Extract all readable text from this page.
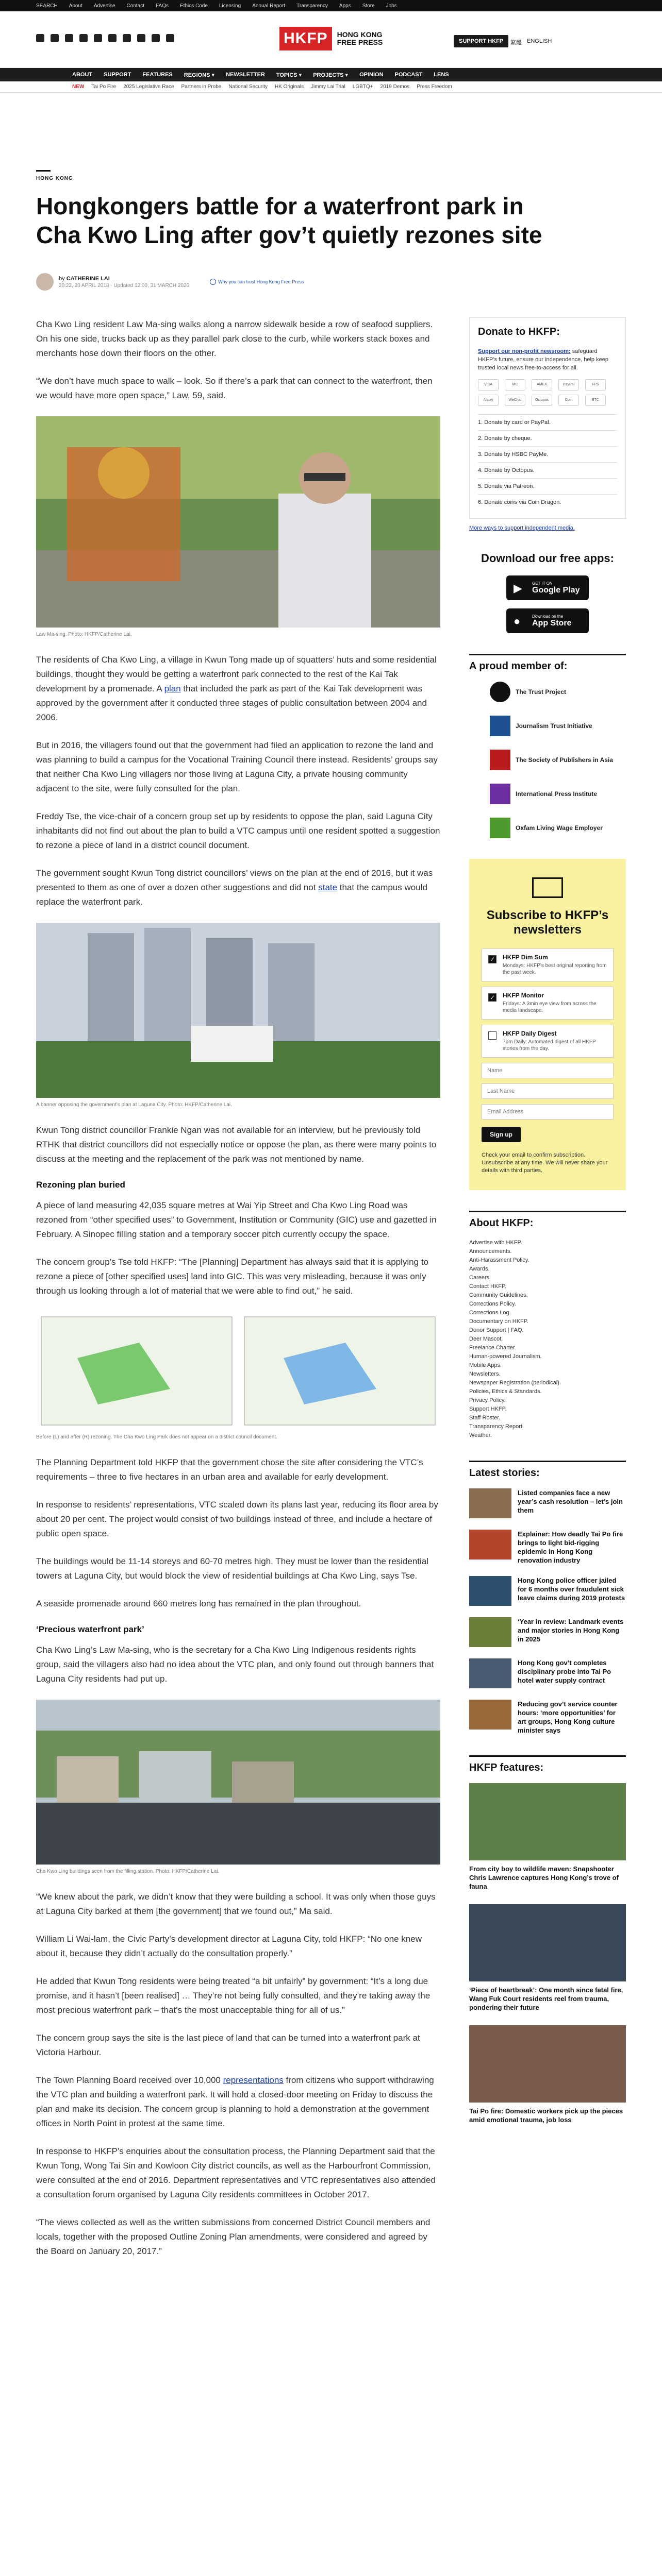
SEARCH About Advertise Contact FAQs Ethics Code Licensing Annual Report Transparency Apps Store Jobs
HKFP	HONG KONG
FREE PRESS	SUPPORT HKFP	繁體 ENGLISH
ABOUT SUPPORT FEATURES REGIONS ▾ NEWSLETTER TOPICS ▾ PROJECTS ▾ OPINION PODCAST LENS
NEW Tai Po Fire 2025 Legislative Race Partners in Probe National Security HK Originals Jimmy Lai Trial LGBTQ+ 2019 Demos Press Freedom
HONG KONG
Hongkongers battle for a waterfront park in Cha Kwo Ling after gov’t quietly rezones site
by CATHERINE LAI
20:22, 20 APRIL 2018 · Updated 12:00, 31 MARCH 2020
Why you can trust Hong Kong Free Press

Cha Kwo Ling resident Law Ma-sing walks along a narrow sidewalk beside a row of seafood suppliers. On his one side, trucks back up as they parallel park close to the curb, while workers stack boxes and merchants hose down their floors on the other.

“We don’t have much space to walk – look. So if there’s a park that can connect to the waterfront, then we would have more open space,” Law, 59, said.

Law Ma-sing. Photo: HKFP/Catherine Lai.

The residents of Cha Kwo Ling, a village in Kwun Tong made up of squatters’ huts and some residential buildings, thought they would be getting a waterfront park connected to the rest of the Kai Tak development by a promenade. A plan that included the park as part of the Kai Tak development was approved by the government after it conducted three stages of public consultation between 2004 and 2006.

But in 2016, the villagers found out that the government had filed an application to rezone the land and was planning to build a campus for the Vocational Training Council there instead. Residents’ groups say that neither Cha Kwo Ling villagers nor those living at Laguna City, a private housing community adjacent to the site, were fully consulted for the plan.

Freddy Tse, the vice-chair of a concern group set up by residents to oppose the plan, said Laguna City inhabitants did not find out about the plan to build a VTC campus until one resident spotted a suggestion to rezone a piece of land in a district council document.

The government sought Kwun Tong district councillors’ views on the plan at the end of 2016, but it was presented to them as one of over a dozen other suggestions and did not state that the campus would replace the waterfront park.

A banner opposing the government’s plan at Laguna City. Photo: HKFP/Catherine Lai.

Kwun Tong district councillor Frankie Ngan was not available for an interview, but he previously told RTHK that district councillors did not especially notice or oppose the plan, as there were many points to discuss at the meeting and the replacement of the park was not mentioned by name.

Rezoning plan buried

A piece of land measuring 42,035 square metres at Wai Yip Street and Cha Kwo Ling Road was rezoned from “other specified uses” to Government, Institution or Community (GIC) use and gazetted in February. A Sinopec filling station and a temporary soccer pitch currently occupy the space.

The concern group’s Tse told HKFP: “The [Planning] Department has always said that it is applying to rezone a piece of [other specified uses] land into GIC. This was very misleading, because it was only through us looking through a lot of material that we were able to find out,” he said.

Before (L) and after (R) rezoning. The Cha Kwo Ling Park does not appear on a district council document.

The Planning Department told HKFP that the government chose the site after considering the VTC’s requirements – three to five hectares in an urban area and available for early development.

In response to residents’ representations, VTC scaled down its plans last year, reducing its floor area by about 20 per cent. The project would consist of two buildings instead of three, and include a hectare of public open space.

The buildings would be 11-14 storeys and 60-70 metres high. They must be lower than the residential towers at Laguna City, but would block the view of residential buildings at Cha Kwo Ling, says Tse.

A seaside promenade around 660 metres long has remained in the plan throughout.

‘Precious waterfront park’

Cha Kwo Ling’s Law Ma-sing, who is the secretary for a Cha Kwo Ling Indigenous residents rights group, said the villagers also had no idea about the VTC plan, and only found out through banners that Laguna City residents had put up.

Cha Kwo Ling buildings seen from the filling station. Photo: HKFP/Catherine Lai.

“We knew about the park, we didn’t know that they were building a school. It was only when those guys at Laguna City barked at them [the government] that we found out,” Ma said.

William Li Wai-lam, the Civic Party’s development director at Laguna City, told HKFP: “No one knew about it, because they didn’t actually do the consultation properly.”

He added that Kwun Tong residents were being treated “a bit unfairly” by government: “It’s a long due promise, and it hasn’t [been realised] … They’re not being fully consulted, and they’re taking away the most precious waterfront park – that’s the most unacceptable thing for all of us.”

The concern group says the site is the last piece of land that can be turned into a waterfront park at Victoria Harbour.

The Town Planning Board received over 10,000 representations from citizens who support withdrawing the VTC plan and building a waterfront park. It will hold a closed-door meeting on Friday to discuss the plan and make its decision. The concern group is planning to hold a demonstration at the government offices in North Point in protest at the same time.

In response to HKFP’s enquiries about the consultation process, the Planning Department said that the Kwun Tong, Wong Tai Sin and Kowloon City district councils, as well as the Harbourfront Commission, were consulted at the end of 2016. Department representatives and VTC representatives also attended a consultation forum organised by Laguna City residents committees in October 2017.

“The views collected as well as the written submissions from concerned District Council members and locals, together with the proposed Outline Zoning Plan amendments, were considered and agreed by the Board on January 20, 2017.”

Donate to HKFP:
Support our non-profit newsroom: safeguard HKFP’s future, ensure our independence, help keep trusted local news free-to-access for all.
VISA	MC	AMEX	PayPal	FPS
Alipay	WeChat	Octopus	Coin	BTC
1. Donate by card or PayPal.
2. Donate by cheque.
3. Donate by HSBC PayMe.
4. Donate by Octopus.
5. Donate via Patreon.
6. Donate coins via Coin Dragon.
More ways to support independent media.
Download our free apps:
▶ GET IT ON
Google Play
●	Download on the
App Store
A proud member of:
The Trust Project
Journalism Trust Initiative
The Society of Publishers in Asia
International Press Institute
Oxfam Living Wage Employer
Subscribe to HKFP’s newsletters
✓ HKFP Dim Sum
Mondays: HKFP’s best original reporting from the past week.
✓ HKFP Monitor
Fridays: A 3min eye view from across the media landscape.
HKFP Daily Digest
7pm Daily: Automated digest of all HKFP stories from the day.
Name
Last Name
Email Address Sign up
Check your email to confirm subscription. Unsubscribe at any time. We will never share your details with third parties.
About HKFP:
Advertise with HKFP.
Announcements.
Anti-Harassment Policy.
Awards.
Careers.
Contact HKFP.
Community Guidelines.
Corrections Policy.
Corrections Log.
Documentary on HKFP.
Donor Support | FAQ.
Deer Mascot.
Freelance Charter.
Human-powered Journalism.
Mobile Apps.
Newsletters.
Newspaper Registration (periodical).
Policies, Ethics & Standards.
Privacy Policy.
Support HKFP.
Staff Roster.
Transparency Report.
Weather.
Latest stories:
Listed companies face a new year’s cash resolution – let’s join them
Explainer: How deadly Tai Po fire brings to light bid-rigging epidemic in Hong Kong renovation industry
Hong Kong police officer jailed for 6 months over fraudulent sick leave claims during 2019 protests
‘Year in review: Landmark events and major stories in Hong Kong in 2025
Hong Kong gov’t completes disciplinary probe into Tai Po hotel water supply contract
Reducing gov’t service counter hours: ‘more opportunities’ for art groups, Hong Kong culture minister says
HKFP features:
From city boy to wildlife maven: Snapshooter Chris Lawrence captures Hong Kong’s trove of fauna
‘Piece of heartbreak’: One month since fatal fire, Wang Fuk Court residents reel from trauma, pondering their future
Tai Po fire: Domestic workers pick up the pieces amid emotional trauma, job loss
